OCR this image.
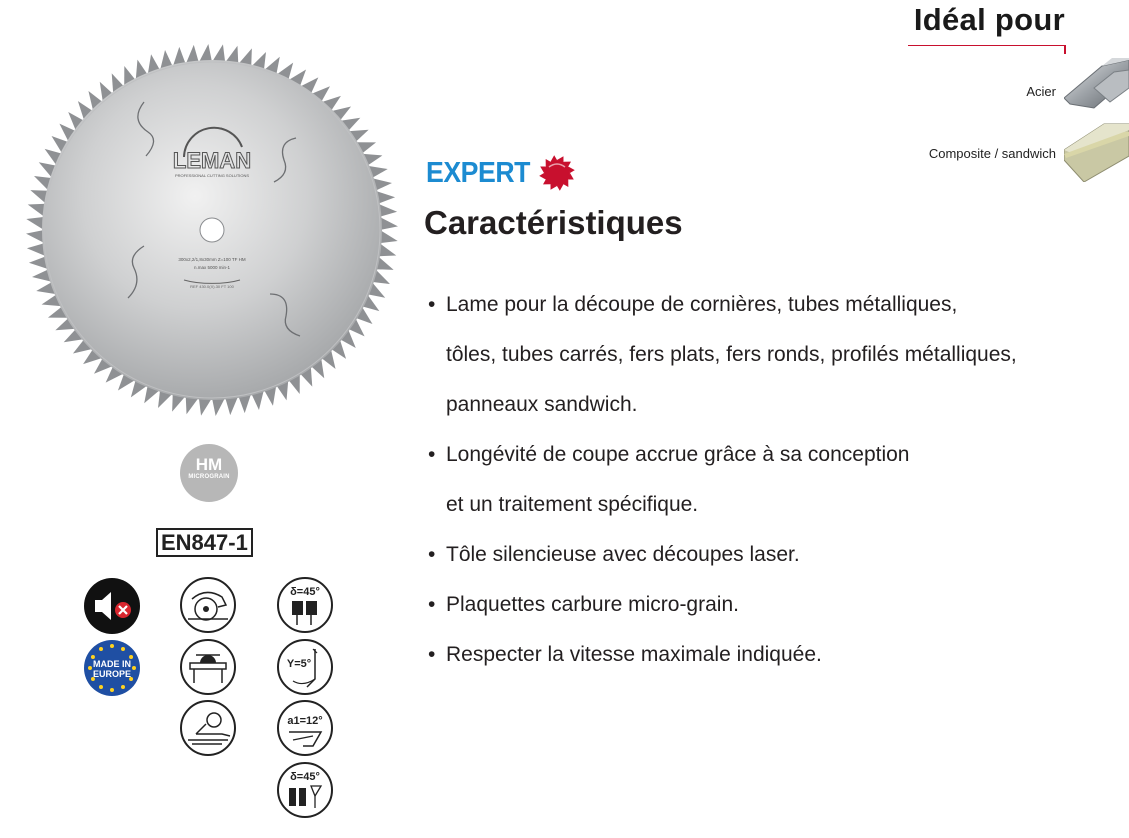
Idéal pour
Acier
Composite / sandwich
LEMAN
PROFESSIONAL CUTTING SOLUTIONS
300x2,2/1,8x30mm Z=100 TF HM
n.max 5000 min-1
REF 430.0(X).30 FT 100
HM
MICROGRAIN
EN847-1
MADE IN
EUROPE
δ=45°
Y=5°
a1=12°
δ=45°
EXPERT
Caractéristiques
• Lame pour la découpe de cornières, tubes métalliques,
tôles, tubes carrés, fers plats, fers ronds, profilés métalliques,
panneaux sandwich.
• Longévité de coupe accrue grâce à sa conception
et un traitement spécifique.
• Tôle silencieuse avec découpes laser.
• Plaquettes carbure micro-grain.
• Respecter la vitesse maximale indiquée.
